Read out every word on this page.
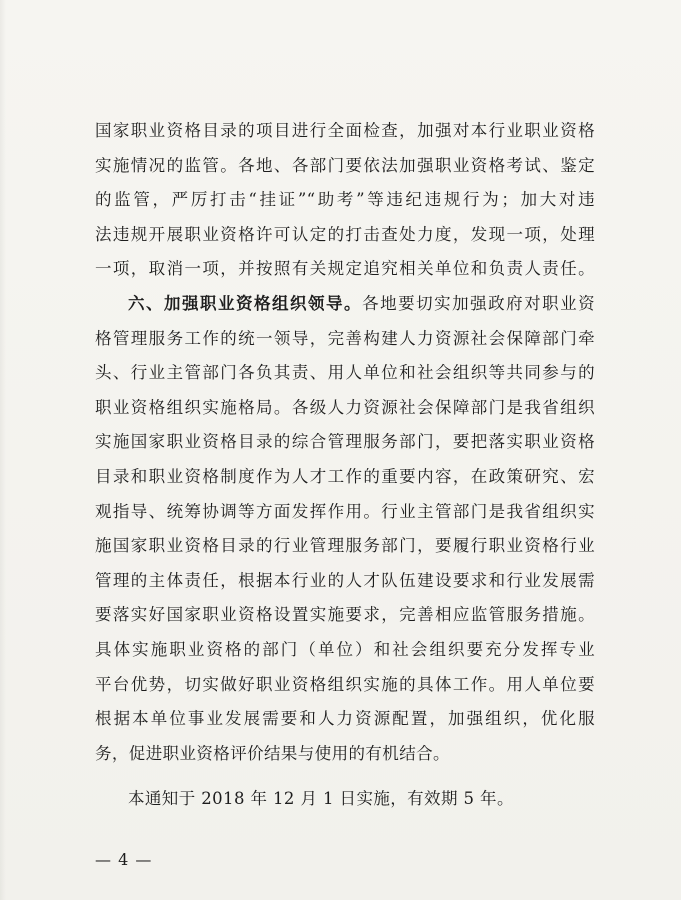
国家职业资格目录的项目进行全面检查，加强对本行业职业资格
实施情况的监管。各地、各部门要依法加强职业资格考试、鉴定
的监管，严厉打击“挂证”“助考”等违纪违规行为；加大对违
法违规开展职业资格许可认定的打击查处力度，发现一项，处理
一项，取消一项，并按照有关规定追究相关单位和负责人责任。
六、加强职业资格组织领导。各地要切实加强政府对职业资
格管理服务工作的统一领导，完善构建人力资源社会保障部门牵
头、行业主管部门各负其责、用人单位和社会组织等共同参与的
职业资格组织实施格局。各级人力资源社会保障部门是我省组织
实施国家职业资格目录的综合管理服务部门，要把落实职业资格
目录和职业资格制度作为人才工作的重要内容，在政策研究、宏
观指导、统筹协调等方面发挥作用。行业主管部门是我省组织实
施国家职业资格目录的行业管理服务部门，要履行职业资格行业
管理的主体责任，根据本行业的人才队伍建设要求和行业发展需
要落实好国家职业资格设置实施要求，完善相应监管服务措施。
具体实施职业资格的部门（单位）和社会组织要充分发挥专业
平台优势，切实做好职业资格组织实施的具体工作。用人单位要
根据本单位事业发展需要和人力资源配置，加强组织，优化服
务，促进职业资格评价结果与使用的有机结合。
本通知于 2018 年 12 月 1 日实施，有效期 5 年。
— 4 —
